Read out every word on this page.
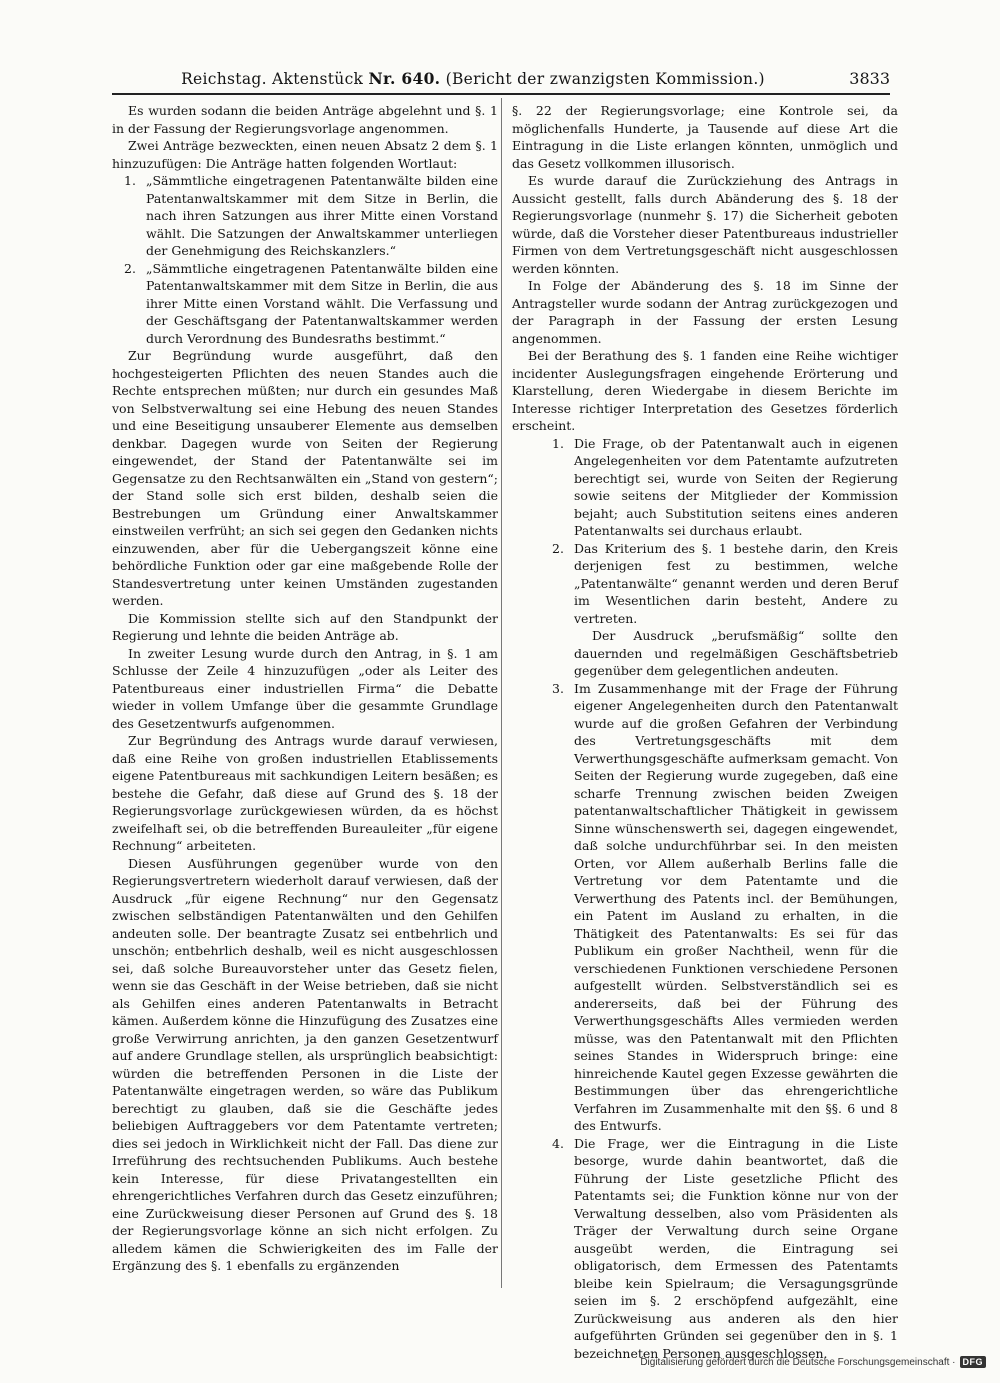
Reichstag. Aktenstück Nr. 640. (Bericht der zwanzigsten Kommission.)	3833

Es wurden sodann die beiden Anträge abgelehnt und §. 1 in der Fassung der Regierungsvorlage angenommen.

Zwei Anträge bezweckten, einen neuen Absatz 2 dem §. 1 hinzuzufügen: Die Anträge hatten folgenden Wortlaut:

1. „Sämmtliche eingetragenen Patentanwälte bilden eine Patentanwaltskammer mit dem Sitze in Berlin, die nach ihren Satzungen aus ihrer Mitte einen Vorstand wählt. Die Satzungen der Anwaltskammer unterliegen der Genehmigung des Reichskanzlers.“

2. „Sämmtliche eingetragenen Patentanwälte bilden eine Patentanwaltskammer mit dem Sitze in Berlin, die aus ihrer Mitte einen Vorstand wählt. Die Verfassung und der Geschäftsgang der Patentanwaltskammer werden durch Verordnung des Bundesraths bestimmt.“

Zur Begründung wurde ausgeführt, daß den hochgesteigerten Pflichten des neuen Standes auch die Rechte entsprechen müßten; nur durch ein gesundes Maß von Selbstverwaltung sei eine Hebung des neuen Standes und eine Beseitigung unsauberer Elemente aus demselben denkbar. Dagegen wurde von Seiten der Regierung eingewendet, der Stand der Patentanwälte sei im Gegensatze zu den Rechtsanwälten ein „Stand von gestern“; der Stand solle sich erst bilden, deshalb seien die Bestrebungen um Gründung einer Anwaltskammer einstweilen verfrüht; an sich sei gegen den Gedanken nichts einzuwenden, aber für die Uebergangszeit könne eine behördliche Funktion oder gar eine maßgebende Rolle der Standesvertretung unter keinen Umständen zugestanden werden.

Die Kommission stellte sich auf den Standpunkt der Regierung und lehnte die beiden Anträge ab.

In zweiter Lesung wurde durch den Antrag, in §. 1 am Schlusse der Zeile 4 hinzuzufügen „oder als Leiter des Patentbureaus einer industriellen Firma“ die Debatte wieder in vollem Umfange über die gesammte Grundlage des Gesetzentwurfs aufgenommen.

Zur Begründung des Antrags wurde darauf verwiesen, daß eine Reihe von großen industriellen Etablissements eigene Patentbureaus mit sachkundigen Leitern besäßen; es bestehe die Gefahr, daß diese auf Grund des §. 18 der Regierungsvorlage zurückgewiesen würden, da es höchst zweifelhaft sei, ob die betreffenden Bureauleiter „für eigene Rechnung“ arbeiteten.

Diesen Ausführungen gegenüber wurde von den Regierungsvertretern wiederholt darauf verwiesen, daß der Ausdruck „für eigene Rechnung“ nur den Gegensatz zwischen selbständigen Patentanwälten und den Gehilfen andeuten solle. Der beantragte Zusatz sei entbehrlich und unschön; entbehrlich deshalb, weil es nicht ausgeschlossen sei, daß solche Bureauvorsteher unter das Gesetz fielen, wenn sie das Geschäft in der Weise betrieben, daß sie nicht als Gehilfen eines anderen Patentanwalts in Betracht kämen. Außerdem könne die Hinzufügung des Zusatzes eine große Verwirrung anrichten, ja den ganzen Gesetzentwurf auf andere Grundlage stellen, als ursprünglich beabsichtigt: würden die betreffenden Personen in die Liste der Patentanwälte eingetragen werden, so wäre das Publikum berechtigt zu glauben, daß sie die Geschäfte jedes beliebigen Auftraggebers vor dem Patentamte vertreten; dies sei jedoch in Wirklichkeit nicht der Fall. Das diene zur Irreführung des rechtsuchenden Publikums. Auch bestehe kein Interesse, für diese Privatangestellten ein ehrengerichtliches Verfahren durch das Gesetz einzuführen; eine Zurückweisung dieser Personen auf Grund des §. 18 der Regierungsvorlage könne an sich nicht erfolgen. Zu alledem kämen die Schwierigkeiten des im Falle der Ergänzung des §. 1 ebenfalls zu ergänzenden

§. 22 der Regierungsvorlage; eine Kontrole sei, da möglichenfalls Hunderte, ja Tausende auf diese Art die Eintragung in die Liste erlangen könnten, unmöglich und das Gesetz vollkommen illusorisch.

Es wurde darauf die Zurückziehung des Antrags in Aussicht gestellt, falls durch Abänderung des §. 18 der Regierungsvorlage (nunmehr §. 17) die Sicherheit geboten würde, daß die Vorsteher dieser Patentbureaus industrieller Firmen von dem Vertretungsgeschäft nicht ausgeschlossen werden könnten.

In Folge der Abänderung des §. 18 im Sinne der Antragsteller wurde sodann der Antrag zurückgezogen und der Paragraph in der Fassung der ersten Lesung angenommen.

Bei der Berathung des §. 1 fanden eine Reihe wichtiger incidenter Auslegungsfragen eingehende Erörterung und Klarstellung, deren Wiedergabe in diesem Berichte im Interesse richtiger Interpretation des Gesetzes förderlich erscheint.

1. Die Frage, ob der Patentanwalt auch in eigenen Angelegenheiten vor dem Patentamte aufzutreten berechtigt sei, wurde von Seiten der Regierung sowie seitens der Mitglieder der Kommission bejaht; auch Substitution seitens eines anderen Patentanwalts sei durchaus erlaubt.

2. Das Kriterium des §. 1 bestehe darin, den Kreis derjenigen fest zu bestimmen, welche „Patentanwälte“ genannt werden und deren Beruf im Wesentlichen darin besteht, Andere zu vertreten.

Der Ausdruck „berufsmäßig“ sollte den dauernden und regelmäßigen Geschäftsbetrieb gegenüber dem gelegentlichen andeuten.

3. Im Zusammenhange mit der Frage der Führung eigener Angelegenheiten durch den Patentanwalt wurde auf die großen Gefahren der Verbindung des Vertretungsgeschäfts mit dem Verwerthungsgeschäfte aufmerksam gemacht. Von Seiten der Regierung wurde zugegeben, daß eine scharfe Trennung zwischen beiden Zweigen patentanwaltschaftlicher Thätigkeit in gewissem Sinne wünschenswerth sei, dagegen eingewendet, daß solche undurchführbar sei. In den meisten Orten, vor Allem außerhalb Berlins falle die Vertretung vor dem Patentamte und die Verwerthung des Patents incl. der Bemühungen, ein Patent im Ausland zu erhalten, in die Thätigkeit des Patentanwalts: Es sei für das Publikum ein großer Nachtheil, wenn für die verschiedenen Funktionen verschiedene Personen aufgestellt würden. Selbstverständlich sei es andererseits, daß bei der Führung des Verwerthungsgeschäfts Alles vermieden werden müsse, was den Patentanwalt mit den Pflichten seines Standes in Widerspruch bringe: eine hinreichende Kautel gegen Exzesse gewährten die Bestimmungen über das ehrengerichtliche Verfahren im Zusammenhalte mit den §§. 6 und 8 des Entwurfs.

4. Die Frage, wer die Eintragung in die Liste besorge, wurde dahin beantwortet, daß die Führung der Liste gesetzliche Pflicht des Patentamts sei; die Funktion könne nur von der Verwaltung desselben, also vom Präsidenten als Träger der Verwaltung durch seine Organe ausgeübt werden, die Eintragung sei obligatorisch, dem Ermessen des Patentamts bleibe kein Spielraum; die Versagungsgründe seien im §. 2 erschöpfend aufgezählt, eine Zurückweisung aus anderen als den hier aufgeführten Gründen sei gegenüber den in §. 1 bezeichneten Personen ausgeschlossen.

Digitalisierung gefördert durch die Deutsche Forschungsgemeinschaft · DFG
